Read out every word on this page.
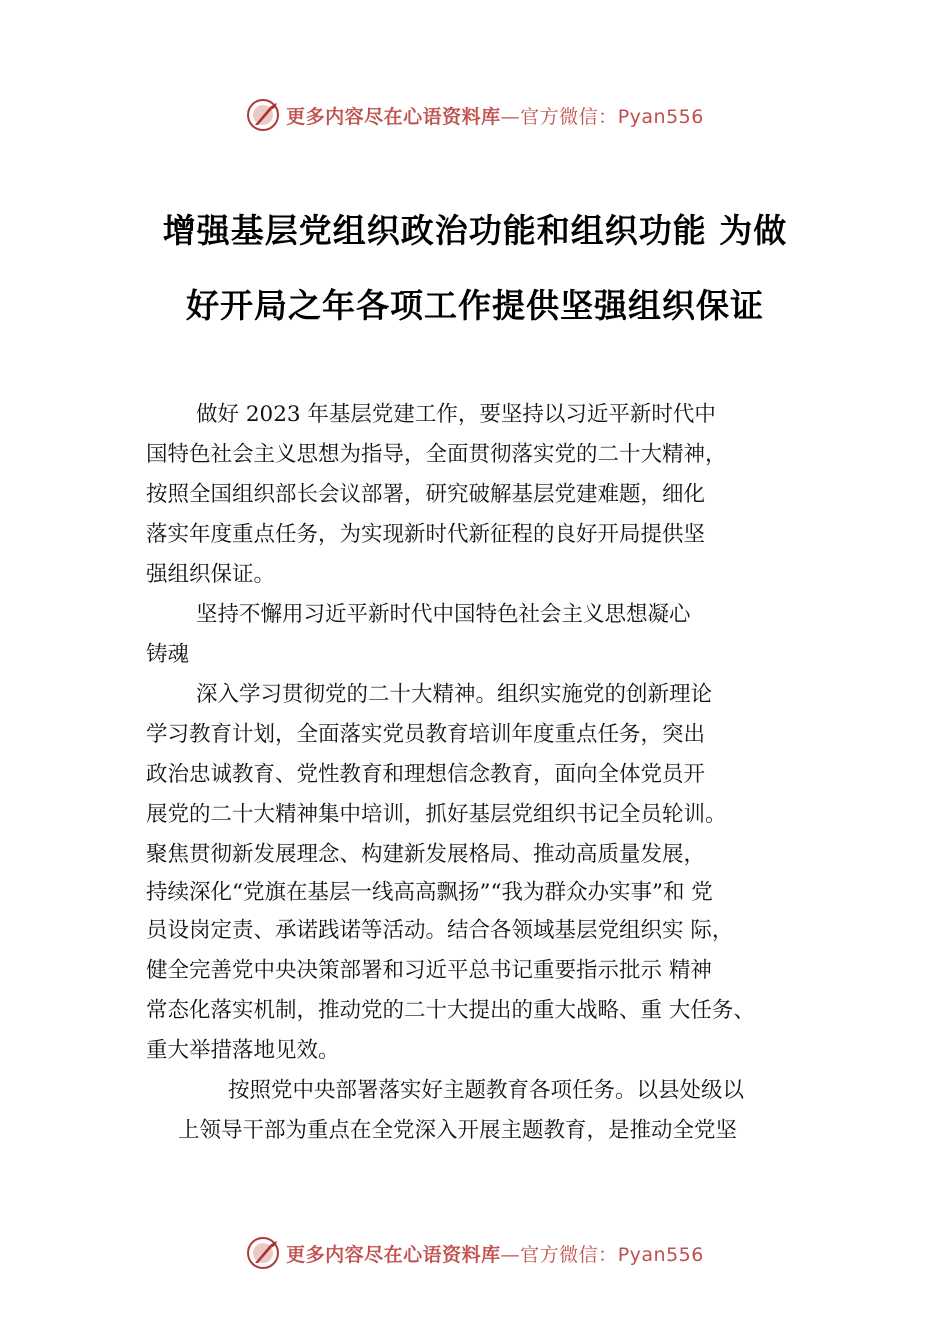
更多内容尽在心语资料库—官方微信：Pyan556
增强基层党组织政治功能和组织功能 为做
好开局之年各项工作提供坚强组织保证
做好 2023 年基层党建工作，要坚持以习近平新时代中
国特色社会主义思想为指导，全面贯彻落实党的二十大精神，
按照全国组织部长会议部署，研究破解基层党建难题，细化
落实年度重点任务，为实现新时代新征程的良好开局提供坚
强组织保证。
坚持不懈用习近平新时代中国特色社会主义思想凝心
铸魂
深入学习贯彻党的二十大精神。组织实施党的创新理论
学习教育计划，全面落实党员教育培训年度重点任务，突出
政治忠诚教育、党性教育和理想信念教育，面向全体党员开
展党的二十大精神集中培训，抓好基层党组织书记全员轮训。
聚焦贯彻新发展理念、构建新发展格局、推动高质量发展，
持续深化“党旗在基层一线高高飘扬”“我为群众办实事”和 党
员设岗定责、承诺践诺等活动。结合各领域基层党组织实 际，
健全完善党中央决策部署和习近平总书记重要指示批示 精神
常态化落实机制，推动党的二十大提出的重大战略、重 大任务、
重大举措落地见效。
按照党中央部署落实好主题教育各项任务。以县处级以
上领导干部为重点在全党深入开展主题教育，是推动全党坚
更多内容尽在心语资料库—官方微信：Pyan556
